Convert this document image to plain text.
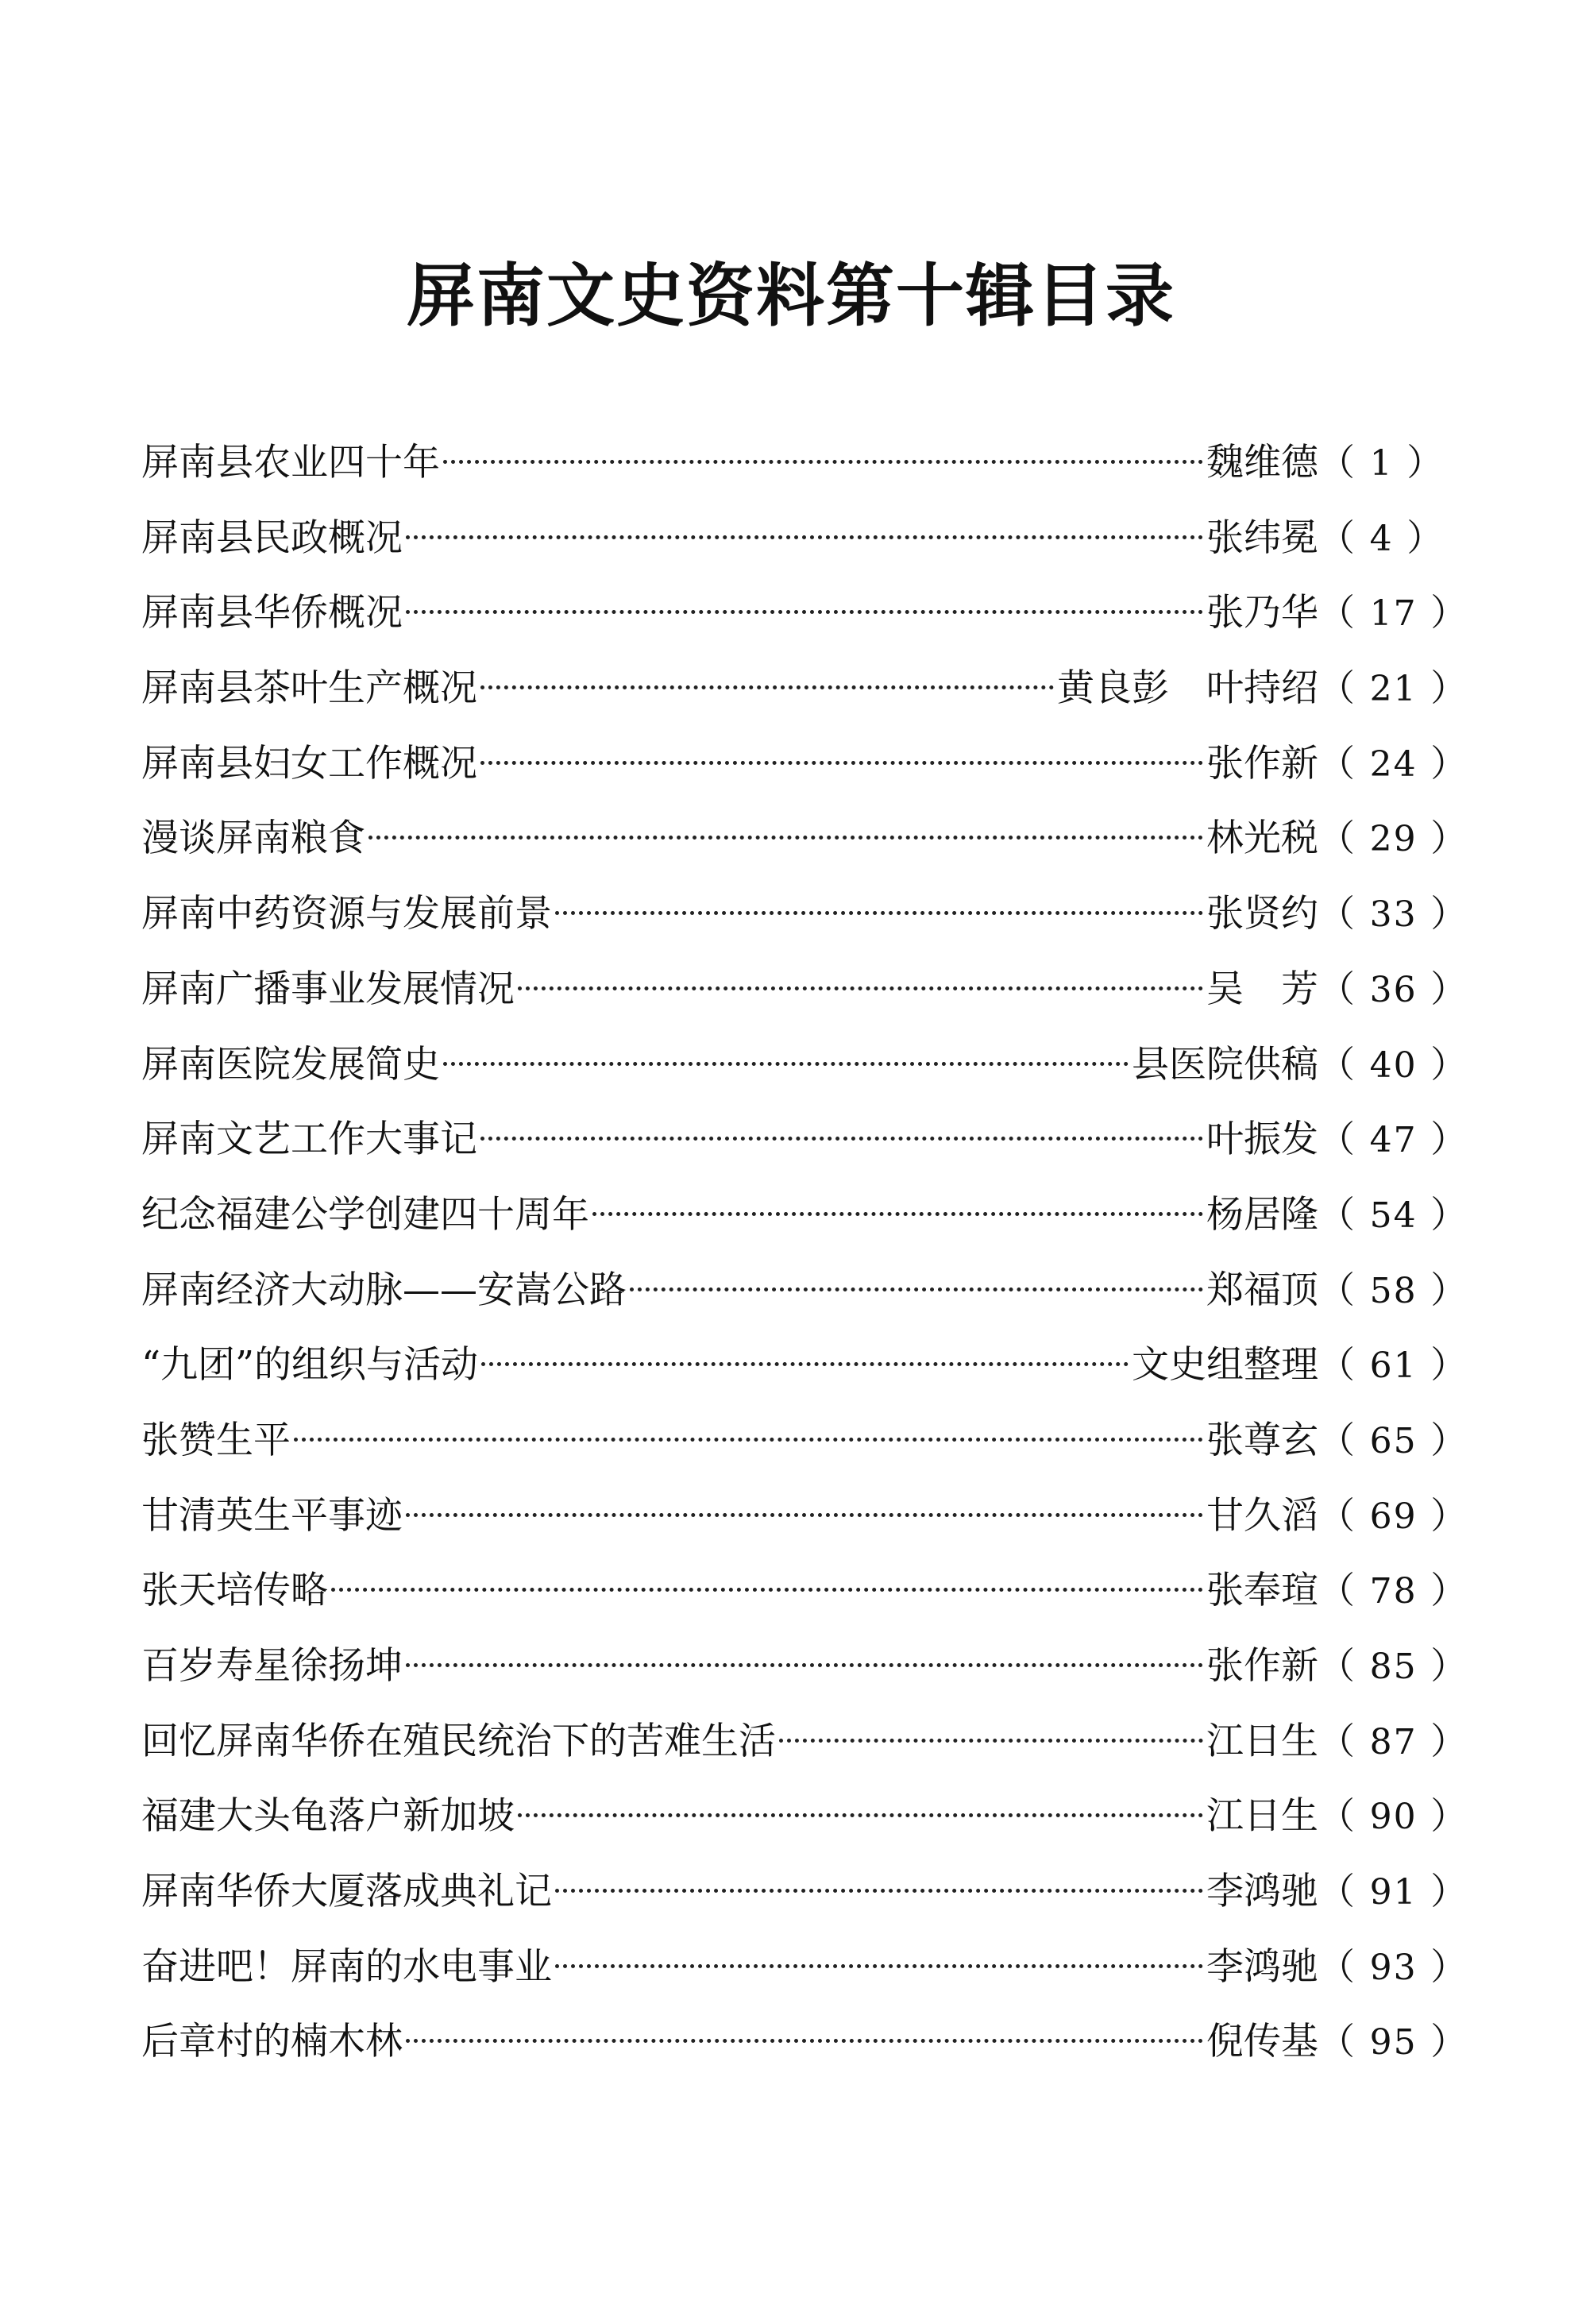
屏南文史资料第十辑目录
屏南县农业四十年	魏维德 （ 1 ）
屏南县民政概况	张纬冕 （ 4 ）
屏南县华侨概况	张乃华 （ 17 ）
屏南县茶叶生产概况	黄良彭　叶持绍 （ 21 ）
屏南县妇女工作概况	张作新 （ 24 ）
漫谈屏南粮食	林光税 （ 29 ）
屏南中药资源与发展前景	张贤约 （ 33 ）
屏南广播事业发展情况	吴　芳 （ 36 ）
屏南医院发展简史	县医院供稿 （ 40 ）
屏南文艺工作大事记	叶振发 （ 47 ）
纪念福建公学创建四十周年	杨居隆 （ 54 ）
屏南经济大动脉——安嵩公路	郑福顶 （ 58 ）
“九团”的组织与活动	文史组整理 （ 61 ）
张赞生平	张尊玄 （ 65 ）
甘清英生平事迹	甘久滔 （ 69 ）
张天培传略	张奉瑄 （ 78 ）
百岁寿星徐扬坤	张作新 （ 85 ）
回忆屏南华侨在殖民统治下的苦难生活	江日生 （ 87 ）
福建大头龟落户新加坡	江日生 （ 90 ）
屏南华侨大厦落成典礼记	李鸿驰 （ 91 ）
奋进吧！屏南的水电事业	李鸿驰 （ 93 ）
后章村的楠木林	倪传基 （ 95 ）
